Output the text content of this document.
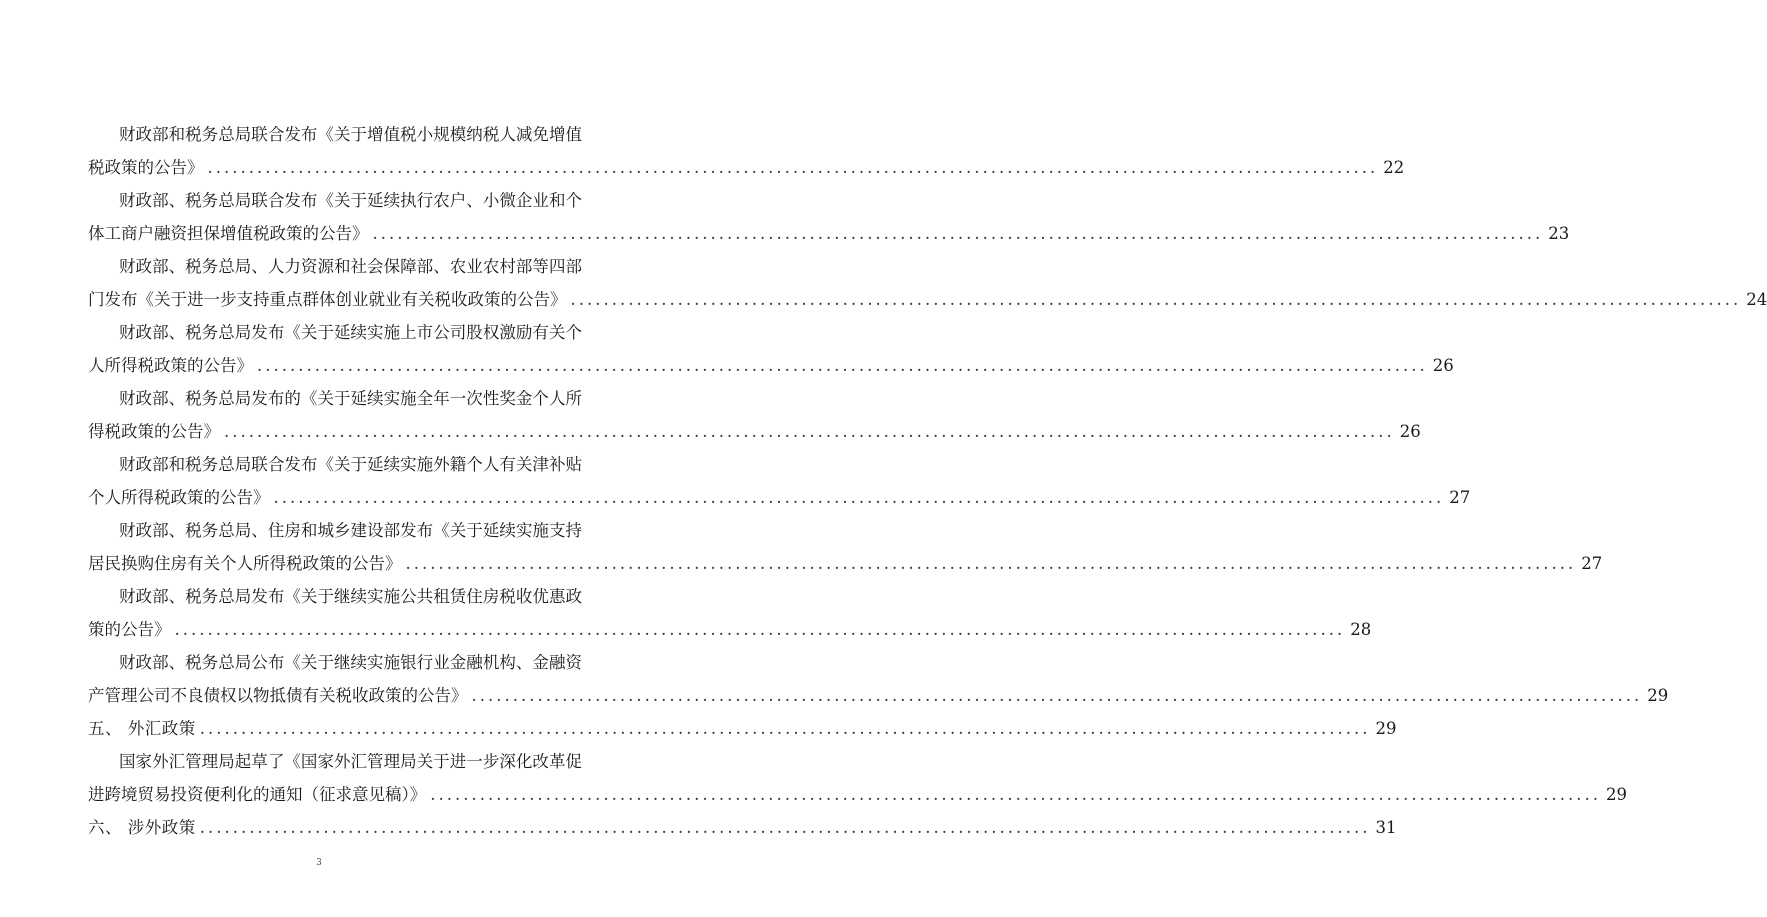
财政部和税务总局联合发布《关于增值税小规模纳税人减免增值
税政策的公告》 .....	22
财政部、税务总局联合发布《关于延续执行农户、小微企业和个
体工商户融资担保增值税政策的公告》 .....	23
财政部、税务总局、人力资源和社会保障部、农业农村部等四部
门发布《关于进一步支持重点群体创业就业有关税收政策的公告》 .....	24
财政部、税务总局发布《关于延续实施上市公司股权激励有关个
人所得税政策的公告》 .....	26
财政部、税务总局发布的《关于延续实施全年一次性奖金个人所
得税政策的公告》 .....	26
财政部和税务总局联合发布《关于延续实施外籍个人有关津补贴
个人所得税政策的公告》 .....	27
财政部、税务总局、住房和城乡建设部发布《关于延续实施支持
居民换购住房有关个人所得税政策的公告》 .....	27
财政部、税务总局发布《关于继续实施公共租赁住房税收优惠政
策的公告》 .....	28
财政部、税务总局公布《关于继续实施银行业金融机构、金融资
产管理公司不良债权以物抵债有关税收政策的公告》 .....	29
五、 外汇政策 .....	29
国家外汇管理局起草了《国家外汇管理局关于进一步深化改革促
进跨境贸易投资便利化的通知（征求意见稿）》 .....	29
六、 涉外政策 .....	31
3
